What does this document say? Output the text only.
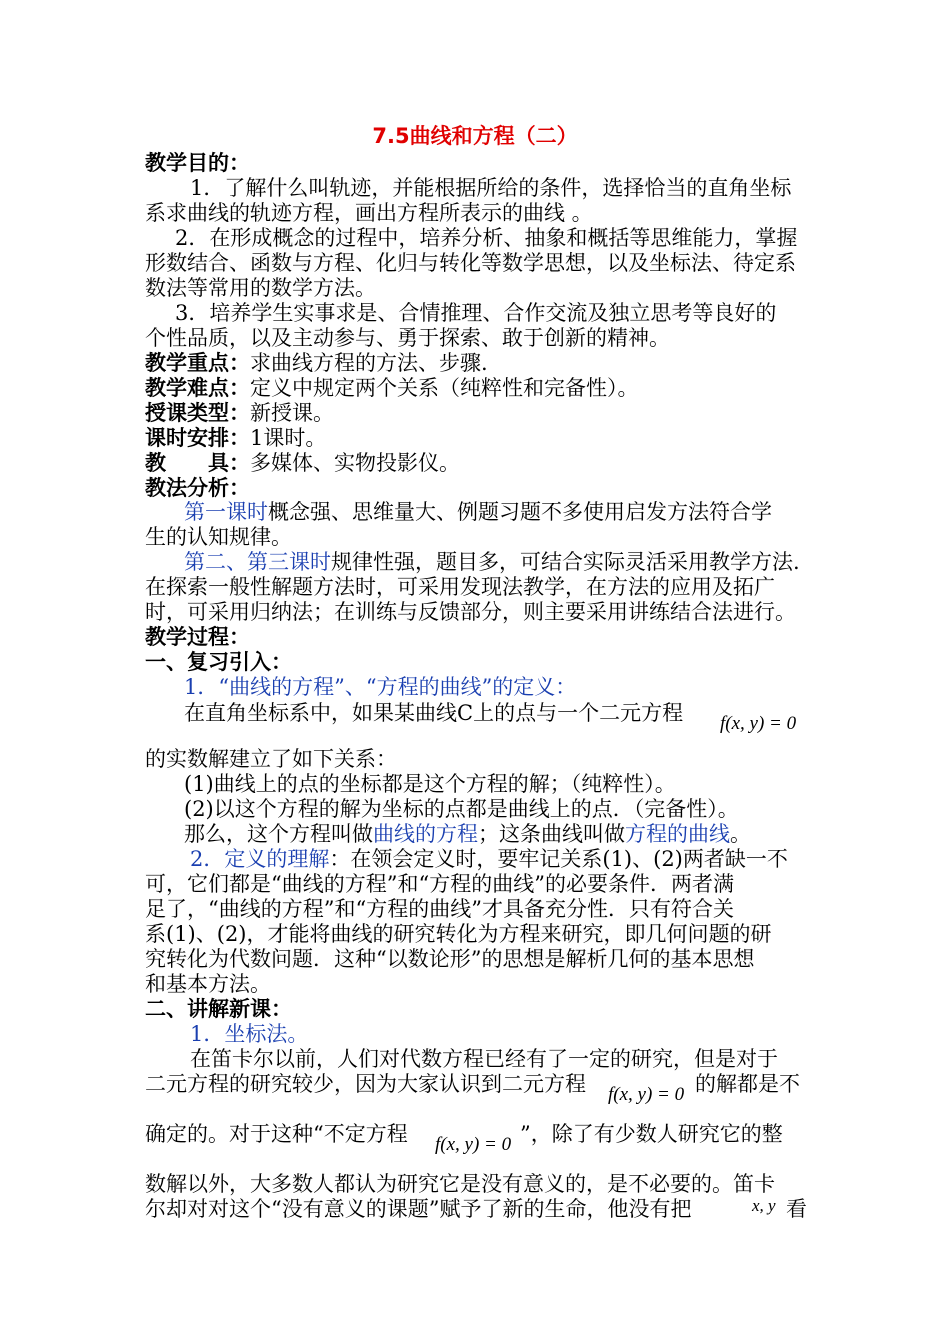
7.5曲线和方程（二）
教学目的：
1．了解什么叫轨迹，并能根据所给的条件，选择恰当的直角坐标
系求曲线的轨迹方程，画出方程所表示的曲线 。
2．在形成概念的过程中，培养分析、抽象和概括等思维能力，掌握
形数结合、函数与方程、化归与转化等数学思想，以及坐标法、待定系
数法等常用的数学方法。
3．培养学生实事求是、合情推理、合作交流及独立思考等良好的
个性品质，以及主动参与、勇于探索、敢于创新的精神。
教学重点：求曲线方程的方法、步骤.
教学难点：定义中规定两个关系（纯粹性和完备性）。
授课类型：新授课。
课时安排：1课时。
教　　具：多媒体、实物投影仪。
教法分析：
第一课时概念强、思维量大、例题习题不多使用启发方法符合学
生的认知规律。
第二、第三课时规律性强，题目多，可结合实际灵活采用教学方法.
在探索一般性解题方法时，可采用发现法教学，在方法的应用及拓广
时，可采用归纳法；在训练与反馈部分，则主要采用讲练结合法进行。
教学过程：
一、复习引入：
1．“曲线的方程”、“方程的曲线”的定义：
在直角坐标系中，如果某曲线C上的点与一个二元方程 f(x, y) = 0
的实数解建立了如下关系：
(1)曲线上的点的坐标都是这个方程的解；（纯粹性）。
(2)以这个方程的解为坐标的点都是曲线上的点．（完备性）。
那么，这个方程叫做曲线的方程；这条曲线叫做方程的曲线。
2．定义的理解：在领会定义时，要牢记关系(1)、(2)两者缺一不
可，它们都是“曲线的方程”和“方程的曲线”的必要条件．两者满
足了，“曲线的方程”和“方程的曲线”才具备充分性．只有符合关
系(1)、(2)，才能将曲线的研究转化为方程来研究，即几何问题的研
究转化为代数问题．这种“以数论形”的思想是解析几何的基本思想
和基本方法。
二、讲解新课：
1．坐标法。
在笛卡尔以前，人们对代数方程已经有了一定的研究，但是对于
二元方程的研究较少，因为大家认识到二元方程 f(x, y) = 0 的解都是不
确定的。对于这种“不定方程 f(x, y) = 0 ”，除了有少数人研究它的整
数解以外，大多数人都认为研究它是没有意义的，是不必要的。笛卡
尔却对对这个“没有意义的课题”赋予了新的生命，他没有把	x, y 看
